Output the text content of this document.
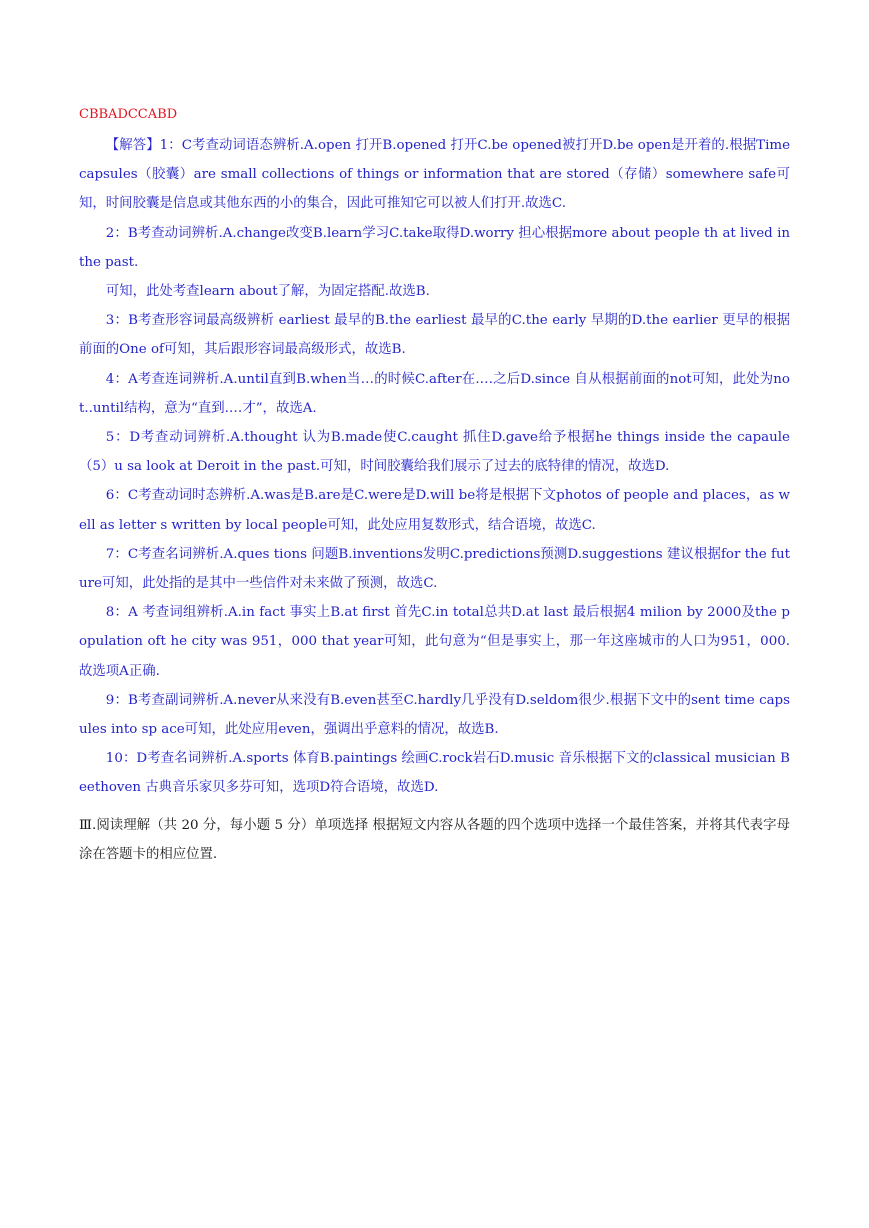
CBBADCCABD

【解答】1：C考查动词语态辨析.A.open 打开B.opened 打开C.be opened被打开D.be open是开着的.根据Time capsules（胶囊）are small collections of things or information that are stored（存储）somewhere safe可知，时间胶囊是信息或其他东西的小的集合，因此可推知它可以被人们打开.故选C.

2：B考查动词辨析.A.change改变B.learn学习C.take取得D.worry 担心根据more about people th at lived in the past.

可知，此处考查learn about了解，为固定搭配.故选B.

3：B考查形容词最高级辨析 earliest 最早的B.the earliest 最早的C.the early 早期的D.the earlier 更早的根据前面的One of可知，其后跟形容词最高级形式，故选B.

4：A考查连词辨析.A.until直到B.when当…的时候C.after在.…之后D.since 自从根据前面的not可知，此处为not..until结构，意为“直到.…才”，故选A.

5：D考查动词辨析.A.thought 认为B.made使C.caught 抓住D.gave给予根据he things inside the capaule（5）u sa look at Deroit in the past.可知，时间胶囊给我们展示了过去的底特律的情况，故选D.

6：C考查动词时态辨析.A.was是B.are是C.were是D.will be将是根据下文photos of people and places，as well as letter s written by local people可知，此处应用复数形式，结合语境，故选C.

7：C考查名词辨析.A.ques tions 问题B.inventions发明C.predictions预测D.suggestions 建议根据for the future可知，此处指的是其中一些信件对未来做了预测，故选C.

8：A 考查词组辨析.A.in fact 事实上B.at first 首先C.in total总共D.at last 最后根据4 milion by 2000及the population oft he city was 951，000 that year可知，此句意为“但是事实上，那一年这座城市的人口为951，000.故选项A正确.

9：B考查副词辨析.A.never从来没有B.even甚至C.hardly几乎没有D.seldom很少.根据下文中的sent time capsules into sp ace可知，此处应用even，强调出乎意料的情况，故选B.

10：D考查名词辨析.A.sports 体育B.paintings 绘画C.rock岩石D.music 音乐根据下文的classical musician Beethoven 古典音乐家贝多芬可知，选项D符合语境，故选D.

Ⅲ.阅读理解（共 20 分，每小题 5 分）单项选择 根据短文内容从各题的四个选项中选择一个最佳答案，并将其代表字母涂在答题卡的相应位置.
